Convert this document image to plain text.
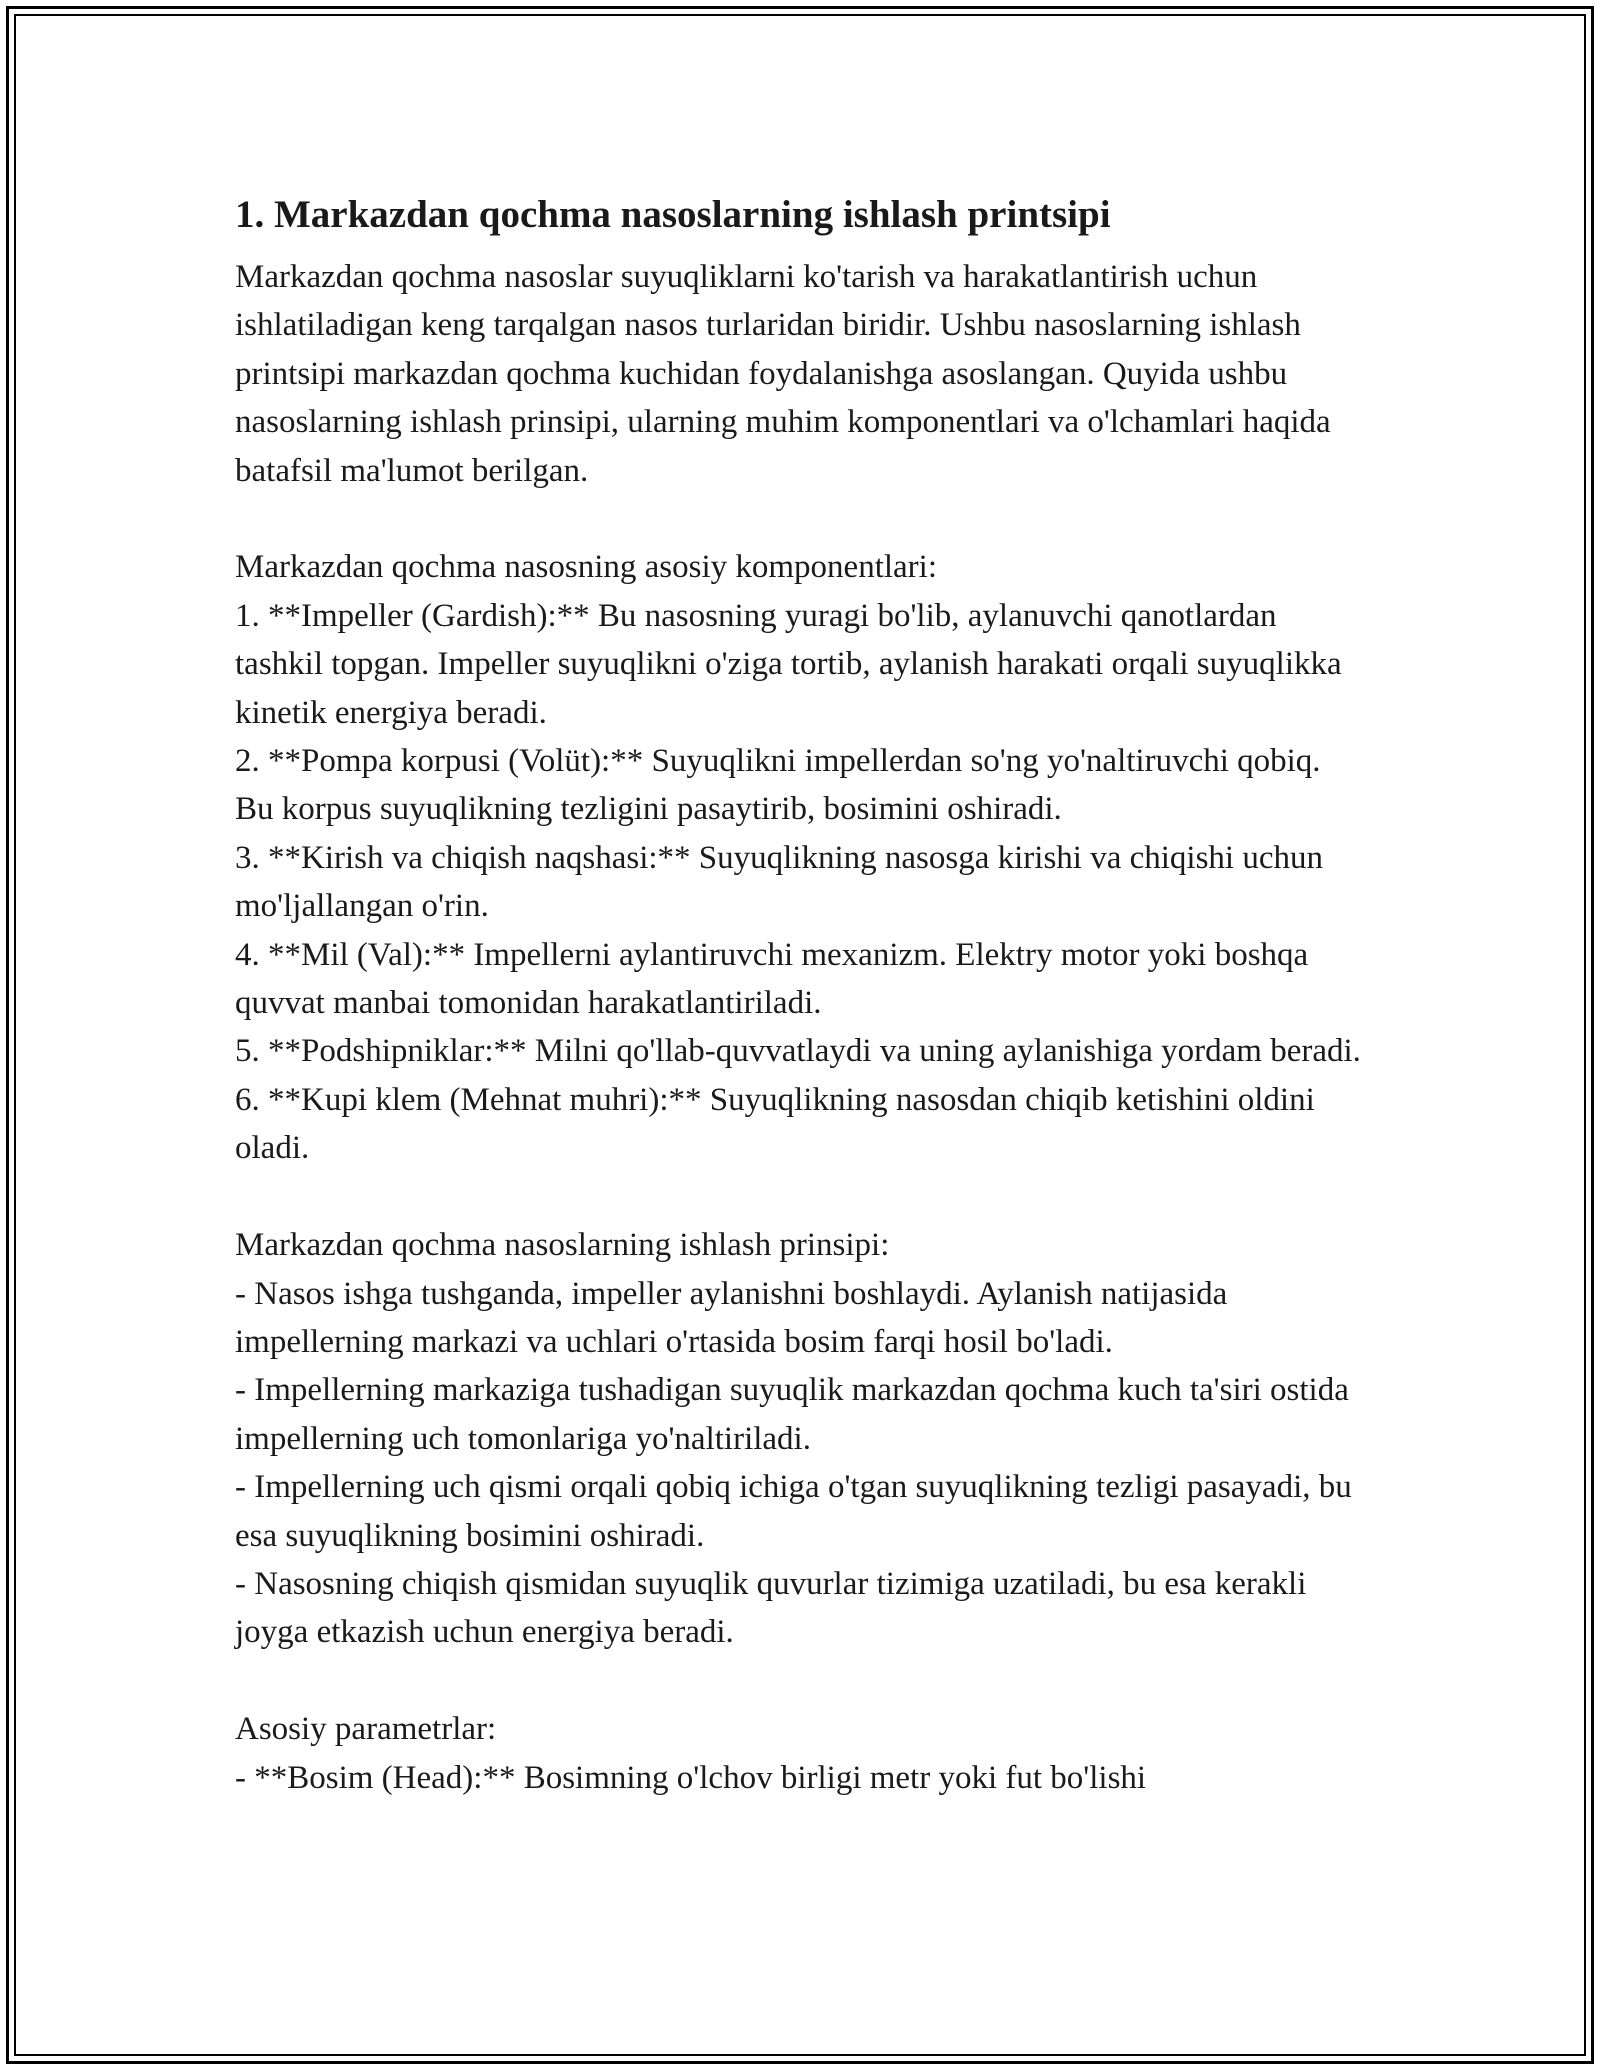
1. Markazdan qochma nasoslarning ishlash printsipi

Markazdan qochma nasoslar suyuqliklarni ko'tarish va harakatlantirish uchun ishlatiladigan keng tarqalgan nasos turlaridan biridir. Ushbu nasoslarning ishlash printsipi markazdan qochma kuchidan foydalanishga asoslangan. Quyida ushbu nasoslarning ishlash prinsipi, ularning muhim komponentlari va o'lchamlari haqida batafsil ma'lumot berilgan.

Markazdan qochma nasosning asosiy komponentlari:

1. **Impeller (Gardish):** Bu nasosning yuragi bo'lib, aylanuvchi qanotlardan tashkil topgan. Impeller suyuqlikni o'ziga tortib, aylanish harakati orqali suyuqlikka kinetik energiya beradi.

2. **Pompa korpusi (Volüt):** Suyuqlikni impellerdan so'ng yo'naltiruvchi qobiq. Bu korpus suyuqlikning tezligini pasaytirib, bosimini oshiradi.

3. **Kirish va chiqish naqshasi:** Suyuqlikning nasosga kirishi va chiqishi uchun mo'ljallangan o'rin.

4. **Mil (Val):** Impellerni aylantiruvchi mexanizm. Elektry motor yoki boshqa quvvat manbai tomonidan harakatlantiriladi.

5. **Podshipniklar:** Milni qo'llab-quvvatlaydi va uning aylanishiga yordam beradi.

6. **Kupi klem (Mehnat muhri):** Suyuqlikning nasosdan chiqib ketishini oldini oladi.

Markazdan qochma nasoslarning ishlash prinsipi:

- Nasos ishga tushganda, impeller aylanishni boshlaydi. Aylanish natijasida impellerning markazi va uchlari o'rtasida bosim farqi hosil bo'ladi.

- Impellerning markaziga tushadigan suyuqlik markazdan qochma kuch ta'siri ostida impellerning uch tomonlariga yo'naltiriladi.

- Impellerning uch qismi orqali qobiq ichiga o'tgan suyuqlikning tezligi pasayadi, bu esa suyuqlikning bosimini oshiradi.

- Nasosning chiqish qismidan suyuqlik quvurlar tizimiga uzatiladi, bu esa kerakli joyga etkazish uchun energiya beradi.

Asosiy parametrlar:

- **Bosim (Head):** Bosimning o'lchov birligi metr yoki fut bo'lishi
